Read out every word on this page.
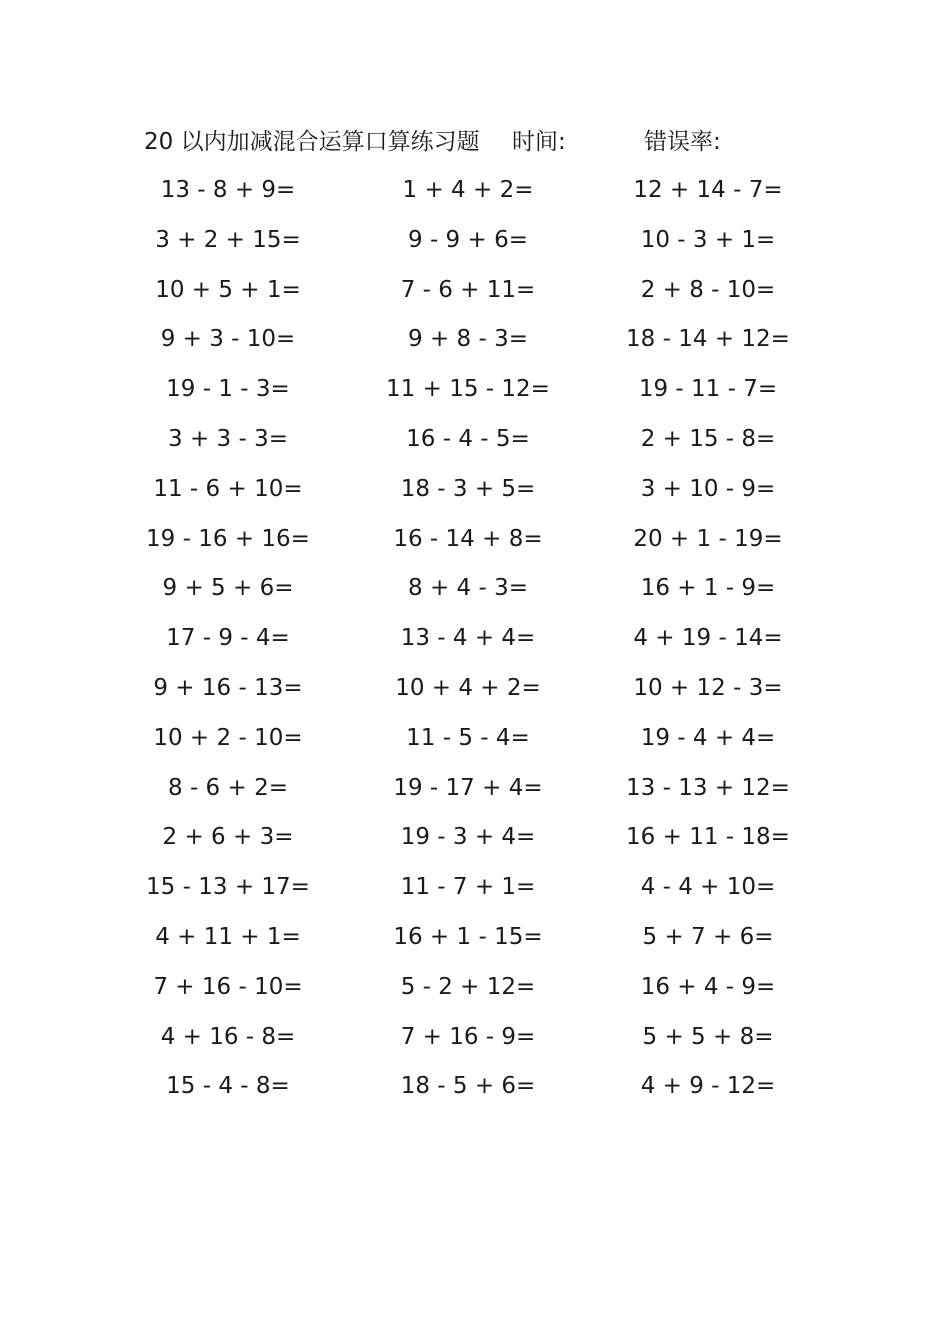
20 以内加减混合运算口算练习题 时间:	错误率:
13 - 8 + 9=	1 + 4 + 2=	12 + 14 - 7=
3 + 2 + 15=	9 - 9 + 6=	10 - 3 + 1=
10 + 5 + 1=	7 - 6 + 11=	2 + 8 - 10=
9 + 3 - 10=	9 + 8 - 3=	18 - 14 + 12=
19 - 1 - 3=	11 + 15 - 12=	19 - 11 - 7=
3 + 3 - 3=	16 - 4 - 5=	2 + 15 - 8=
11 - 6 + 10=	18 - 3 + 5=	3 + 10 - 9=
19 - 16 + 16=	16 - 14 + 8=	20 + 1 - 19=
9 + 5 + 6=	8 + 4 - 3=	16 + 1 - 9=
17 - 9 - 4=	13 - 4 + 4=	4 + 19 - 14=
9 + 16 - 13=	10 + 4 + 2=	10 + 12 - 3=
10 + 2 - 10=	11 - 5 - 4=	19 - 4 + 4=
8 - 6 + 2=	19 - 17 + 4=	13 - 13 + 12=
2 + 6 + 3=	19 - 3 + 4=	16 + 11 - 18=
15 - 13 + 17=	11 - 7 + 1=	4 - 4 + 10=
4 + 11 + 1=	16 + 1 - 15=	5 + 7 + 6=
7 + 16 - 10=	5 - 2 + 12=	16 + 4 - 9=
4 + 16 - 8=	7 + 16 - 9=	5 + 5 + 8=
15 - 4 - 8=	18 - 5 + 6=	4 + 9 - 12=
